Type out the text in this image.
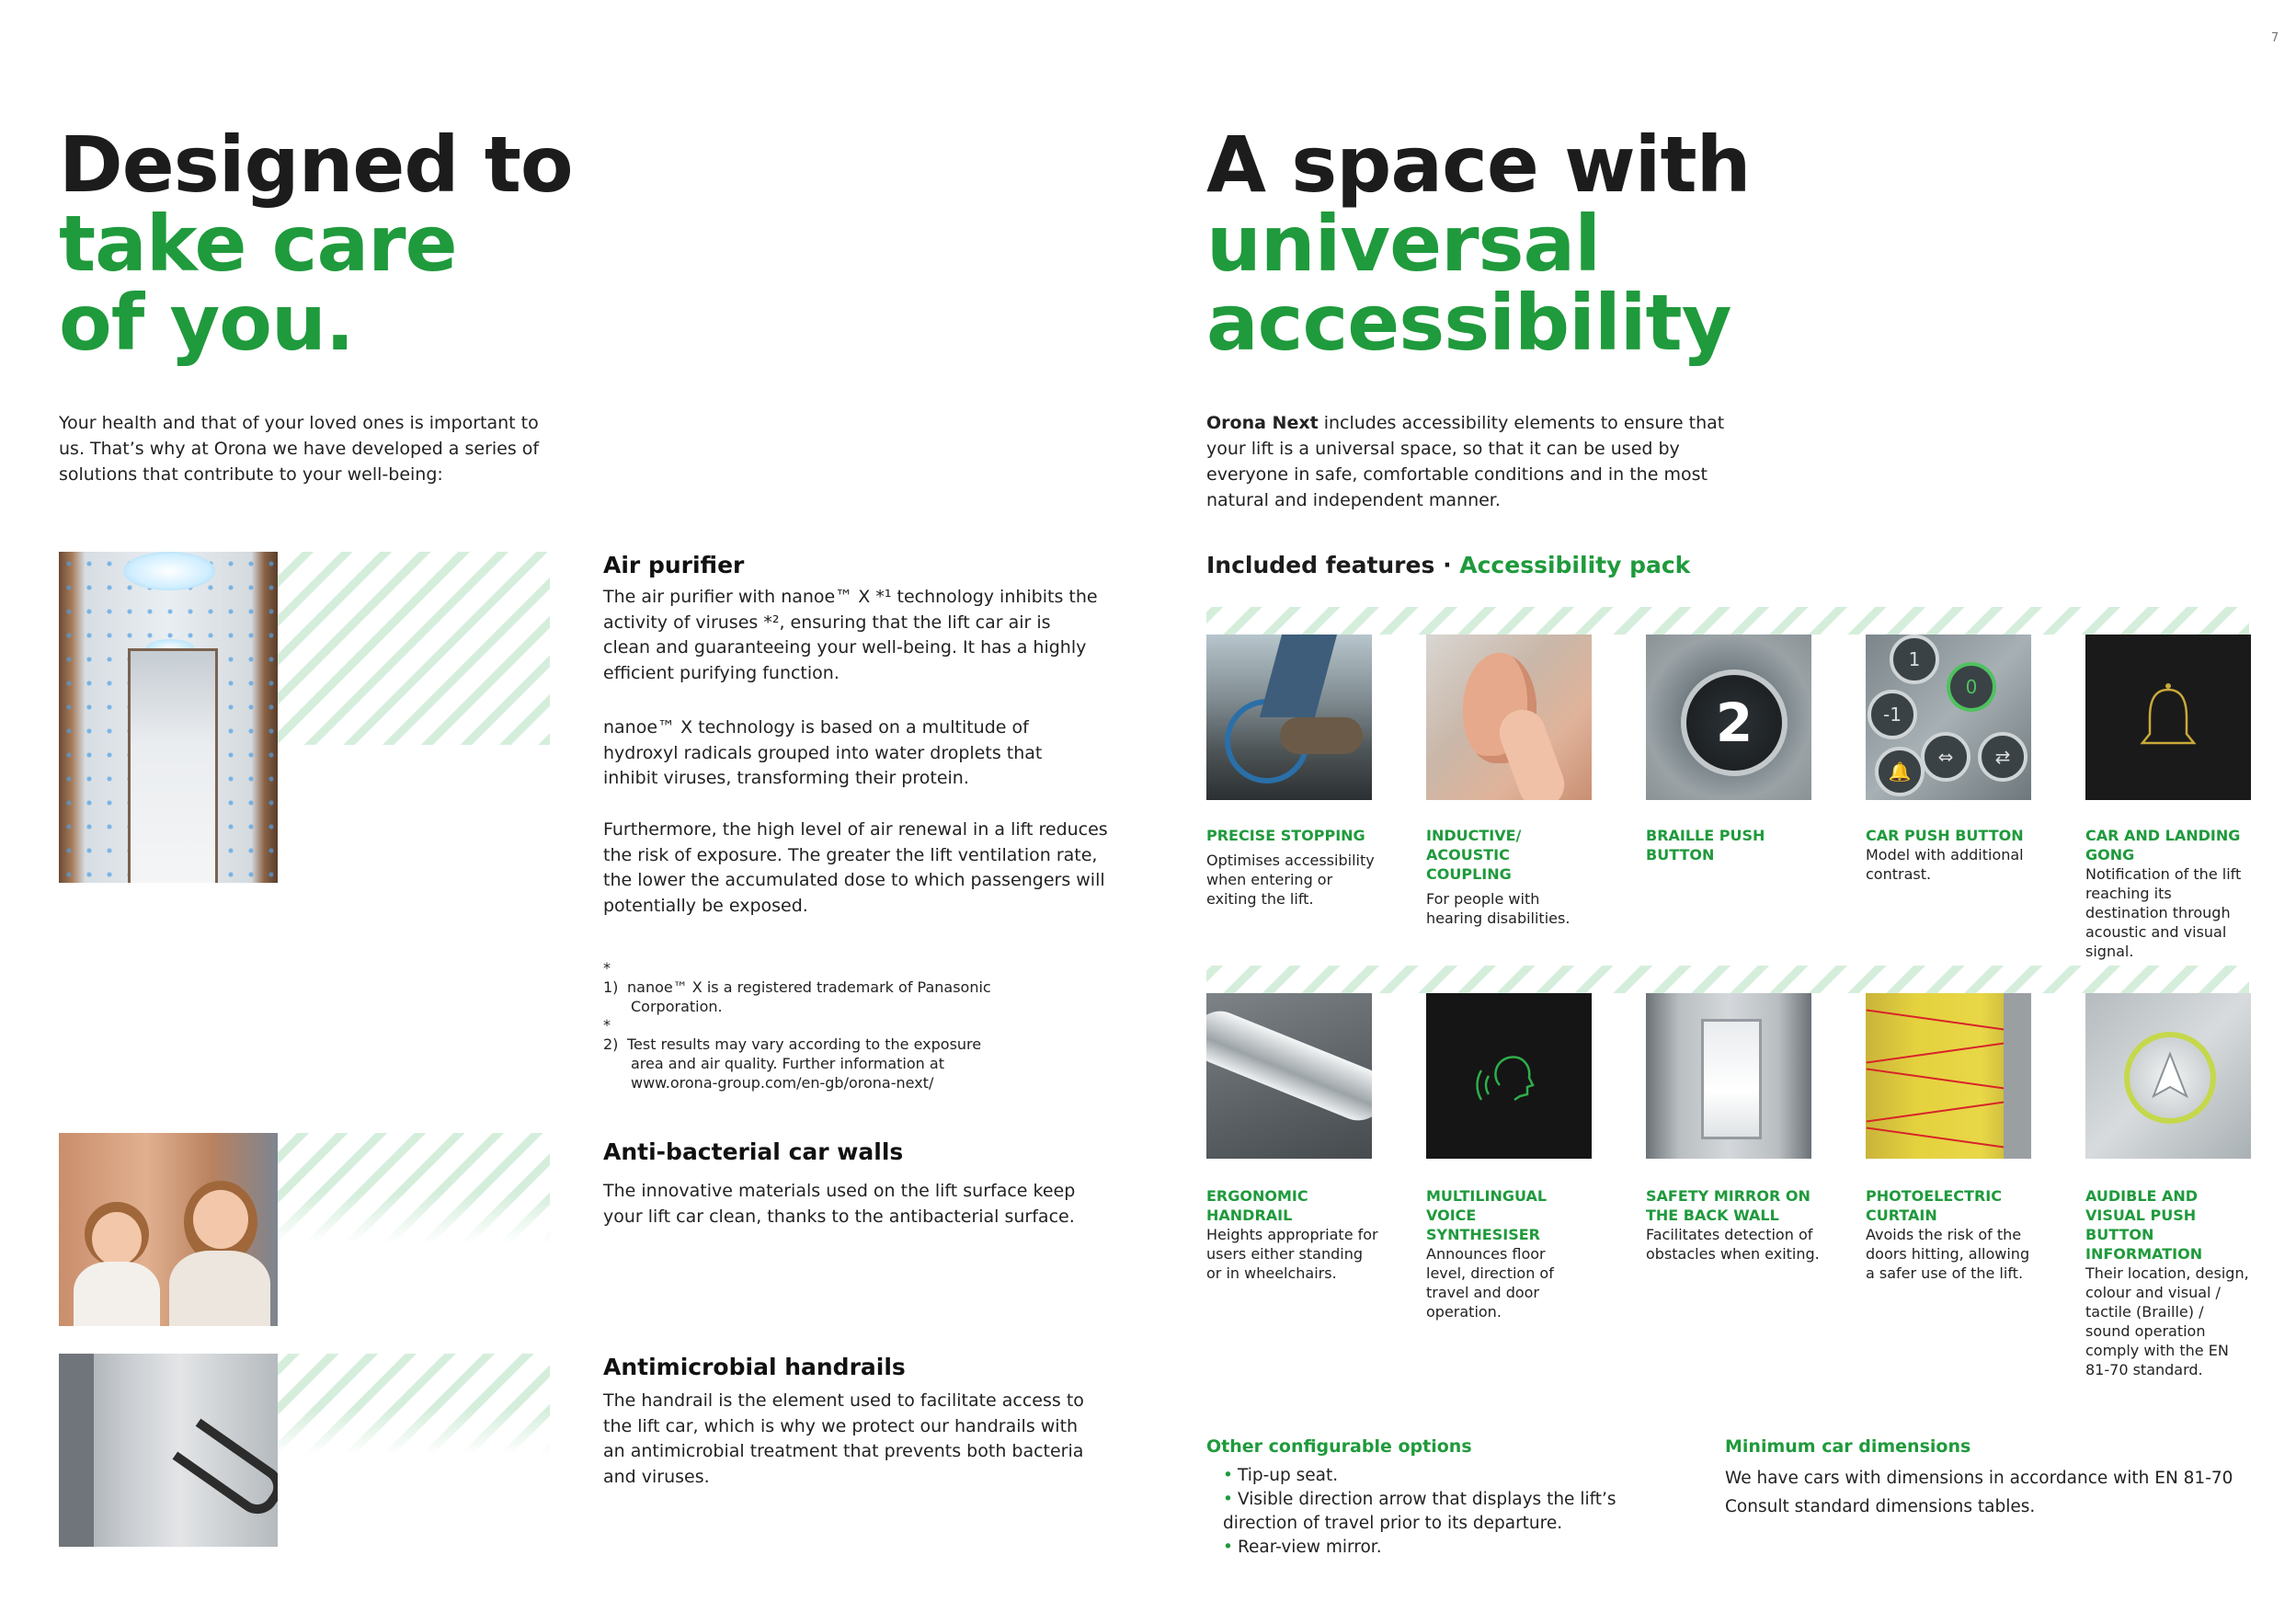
7
Designed to
take care
of you.
Your health and that of your loved ones is important to us. That’s why at Orona we have developed a series of solutions that contribute to your well-being:
Air purifier
The air purifier with nanoe™ X *¹ technology inhibits the activity of viruses *², ensuring that the lift car air is clean and guaranteeing your well-being. It has a highly efficient purifying function.
nanoe™ X technology is based on a multitude of hydroxyl radicals grouped into water droplets that inhibit viruses, transforming their protein.
Furthermore, the high level of air renewal in a lift reduces the risk of exposure. The greater the lift ventilation rate, the lower the accumulated dose to which passengers will potentially be exposed.
* 1) nanoe™ X is a registered trademark of Panasonic
Corporation.
* 2) Test results may vary according to the exposure
area and air quality. Further information at
www.orona-group.com/en-gb/orona-next/
Anti-bacterial car walls
The innovative materials used on the lift surface keep your lift car clean, thanks to the antibacterial surface.
Antimicrobial handrails
The handrail is the element used to facilitate access to the lift car, which is why we protect our handrails with an antimicrobial treatment that prevents both bacteria and viruses.
A space with
universal
accessibility
Orona Next includes accessibility elements to ensure that your lift is a universal space, so that it can be used by everyone in safe, comfortable conditions and in the most natural and independent manner.
Included features · Accessibility pack
2
1
0
-1
🔔
⇔	⇄
PRECISE STOPPING
Optimises accessibility when entering or exiting the lift.
INDUCTIVE/ ACOUSTIC COUPLING
For people with hearing disabilities.
BRAILLE PUSH BUTTON
CAR PUSH BUTTON
Model with additional contrast.
CAR AND LANDING GONG
Notification of the lift reaching its destination through acoustic and visual signal.
ERGONOMIC HANDRAIL
Heights appropriate for users either standing or in wheelchairs.
MULTILINGUAL VOICE SYNTHESISER
Announces floor level, direction of travel and door operation.
SAFETY MIRROR ON THE BACK WALL
Facilitates detection of obstacles when exiting.
PHOTOELECTRIC CURTAIN
Avoids the risk of the doors hitting, allowing a safer use of the lift.
AUDIBLE AND VISUAL PUSH BUTTON INFORMATION
Their location, design, colour and visual / tactile (Braille) / sound operation comply with the EN 81-70 standard.
Other configurable options
• Tip-up seat.
• Visible direction arrow that displays the lift’s direction of travel prior to its departure.
• Rear-view mirror.
Minimum car dimensions
We have cars with dimensions in accordance with EN 81-70
Consult standard dimensions tables.
